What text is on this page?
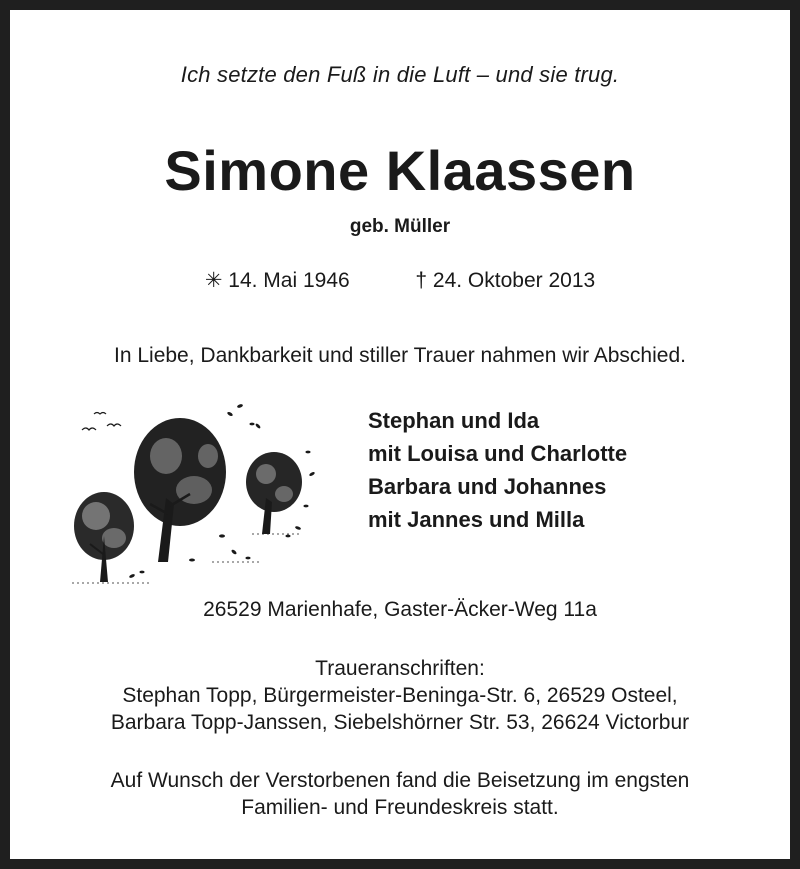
Ich setzte den Fuß in die Luft – und sie trug.
Simone Klaassen
geb. Müller
✳ 14. Mai 1946	† 24. Oktober 2013
In Liebe, Dankbarkeit und stiller Trauer nahmen wir Abschied.
Stephan und Ida
mit Louisa und Charlotte
Barbara und Johannes
mit Jannes und Milla
26529 Marienhafe, Gaster-Äcker-Weg 11a
Traueranschriften:
Stephan Topp, Bürgermeister-Beninga-Str. 6, 26529 Osteel,
Barbara Topp-Janssen, Siebelshörner Str. 53, 26624 Victorbur
Auf Wunsch der Verstorbenen fand die Beisetzung im engsten
Familien- und Freundeskreis statt.
